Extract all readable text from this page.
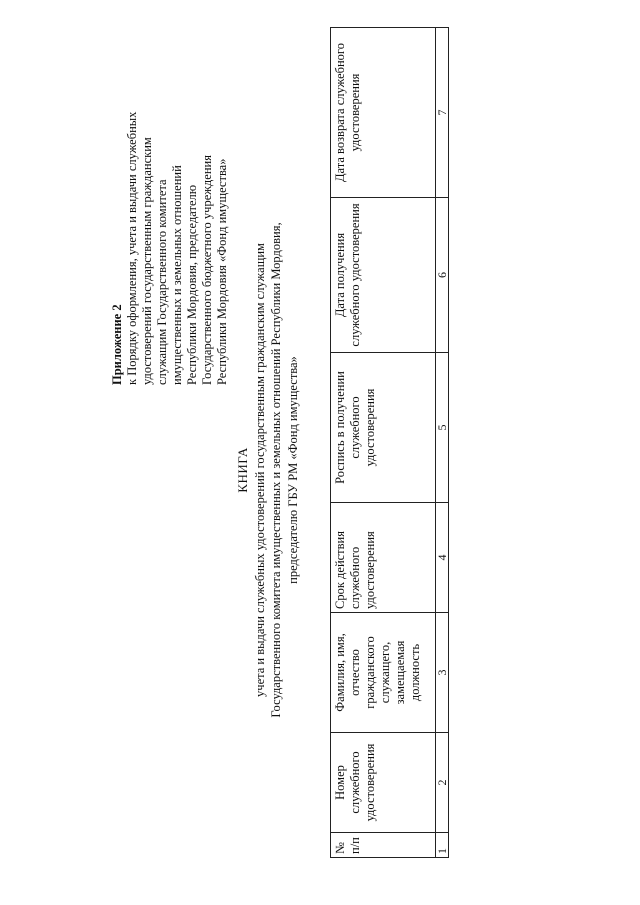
Приложение 2 к Порядку оформления, учета и выдачи служебных удостоверений государственным гражданским служащим Государственного комитета имущественных и земельных отношений Республики Мордовия, председателю Государственного бюджетного учреждения Республики Мордовия «Фонд имущества»
КНИГА учета и выдачи служебных удостоверений государственным гражданским служащим Государственного комитета имущественных и земельных отношений Республики Мордовия, председателю ГБУ РМ «Фонд имущества»
№ п/п	Номер служебного удостоверения	Фамилия, имя, отчество гражданского служащего, замещаемая должность	Срок действия служебного удостоверения	Роспись в получении служебного удостоверения	Дата получения служебного удостоверения	Дата возврата служебного удостоверения
1	2	3	4	5	6	7
